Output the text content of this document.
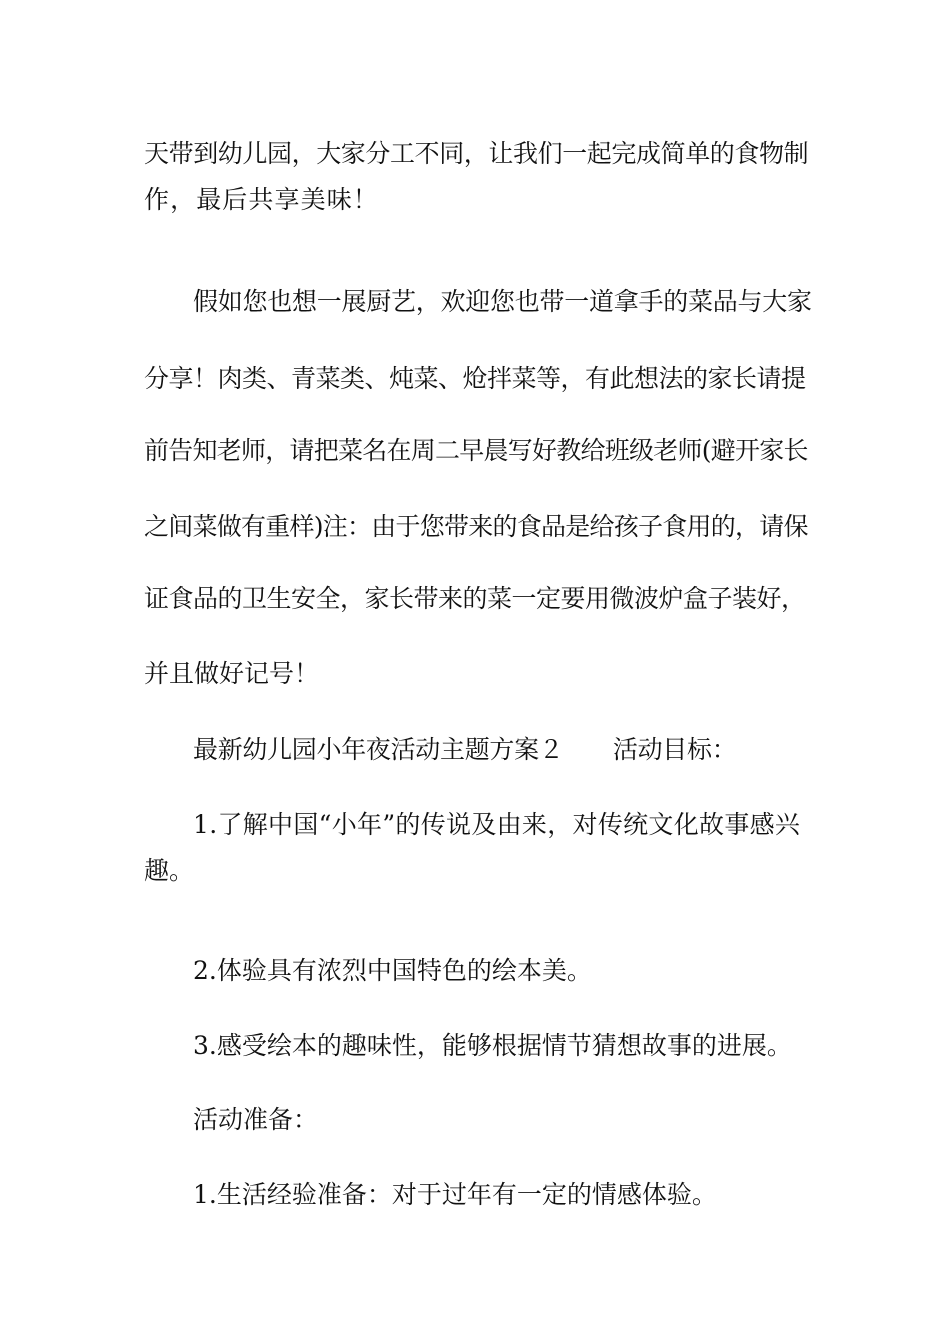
天带到幼儿园，大家分工不同，让我们一起完成简单的食物制
作，最后共享美味！
假如您也想一展厨艺，欢迎您也带一道拿手的菜品与大家
分享！肉类、青菜类、炖菜、炝拌菜等，有此想法的家长请提
前告知老师，请把菜名在周二早晨写好教给班级老师(避开家长
之间菜做有重样)注：由于您带来的食品是给孩子食用的，请保
证食品的卫生安全，家长带来的菜一定要用微波炉盒子装好，
并且做好记号！
最新幼儿园小年夜活动主题方案２　　活动目标：
1.了解中国“小年”的传说及由来，对传统文化故事感兴
趣。
2.体验具有浓烈中国特色的绘本美。
3.感受绘本的趣味性，能够根据情节猜想故事的进展。
活动准备：
1.生活经验准备：对于过年有一定的情感体验。
